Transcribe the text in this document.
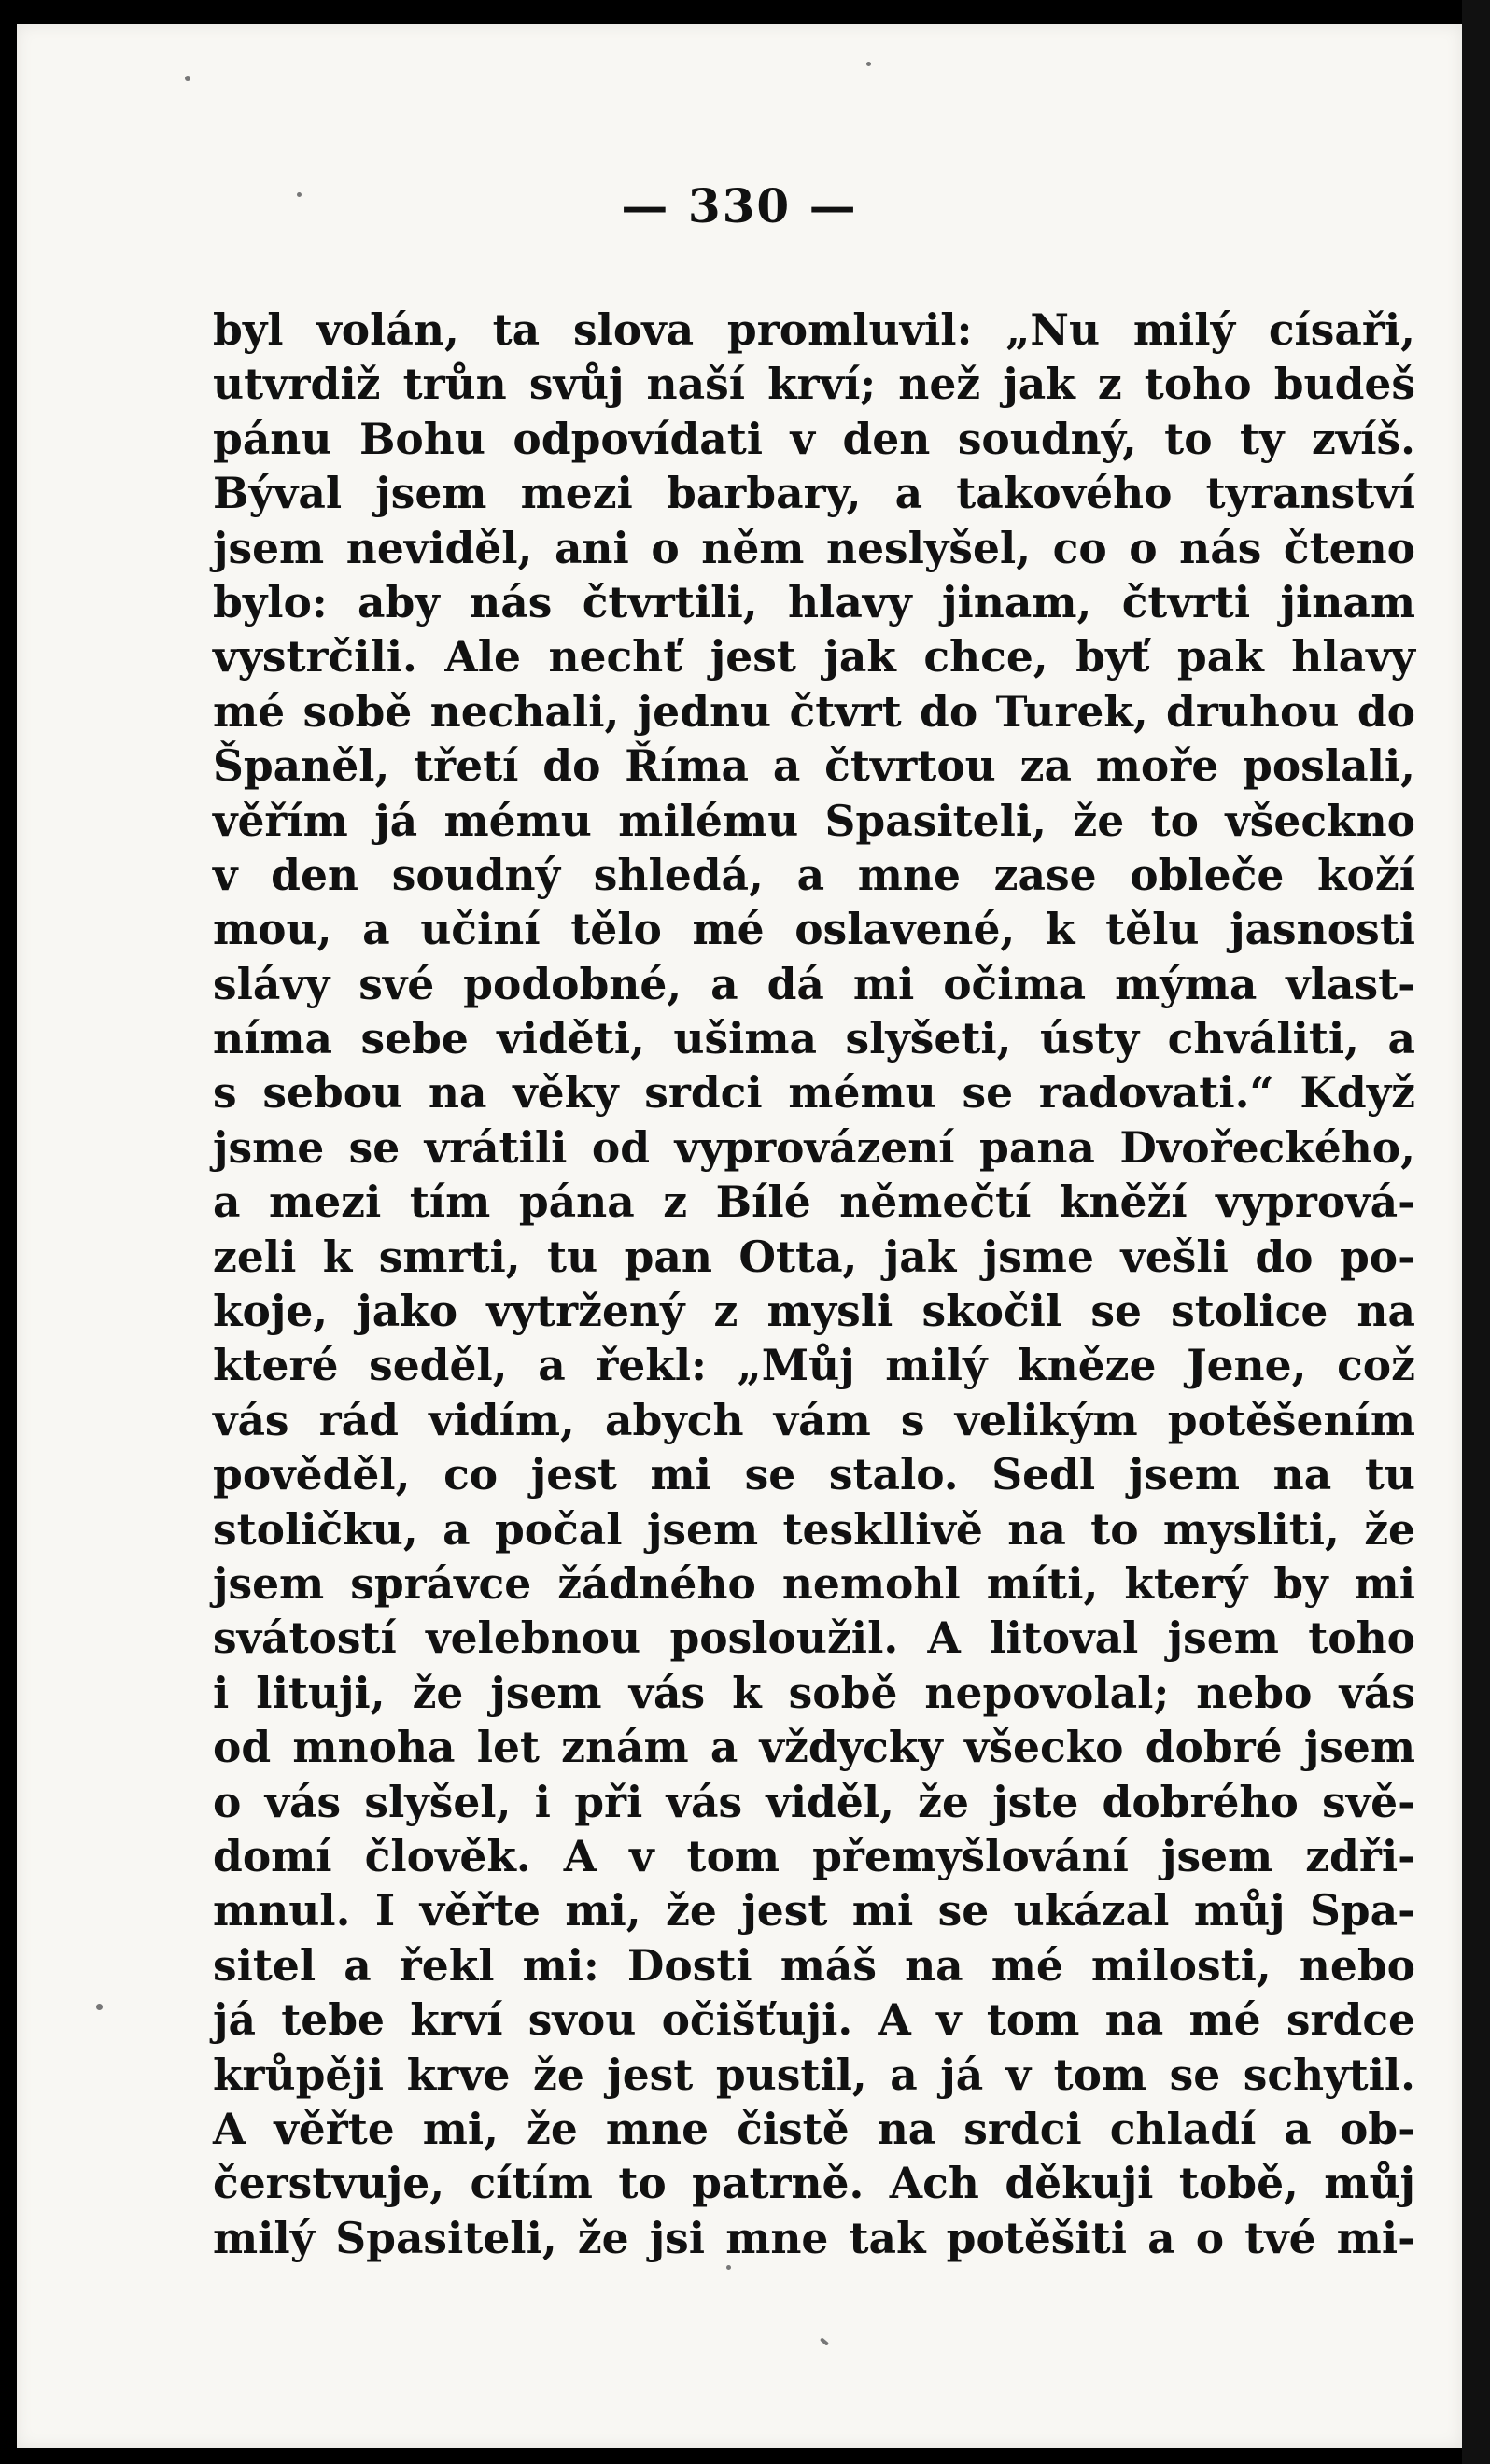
— 330 —
byl volán, ta slova promluvil: „Nu milý císaři,
utvrdiž trůn svůj naší krví; než jak z toho budeš
pánu Bohu odpovídati v den soudný, to ty zvíš.
Býval jsem mezi barbary, a takového tyranství
jsem neviděl, ani o něm neslyšel, co o nás čteno
bylo: aby nás čtvrtili, hlavy jinam, čtvrti jinam
vystrčili. Ale nechť jest jak chce, byť pak hlavy
mé sobě nechali, jednu čtvrt do Turek, druhou do
Španěl, třetí do Říma a čtvrtou za moře poslali,
věřím já mému milému Spasiteli, že to všeckno
v den soudný shledá, a mne zase obleče koží
mou, a učiní tělo mé oslavené, k tělu jasnosti
slávy své podobné, a dá mi očima mýma vlast-
níma sebe viděti, ušima slyšeti, ústy chváliti, a
s sebou na věky srdci mému se radovati.“ Když
jsme se vrátili od vyprovázení pana Dvořeckého,
a mezi tím pána z Bílé němečtí kněží vyprová-
zeli k smrti, tu pan Otta, jak jsme vešli do po-
koje, jako vytržený z mysli skočil se stolice na
které seděl, a řekl: „Můj milý kněze Jene, což
vás rád vidím, abych vám s velikým potěšením
pověděl, co jest mi se stalo. Sedl jsem na tu
stoličku, a počal jsem teskllivě na to mysliti, že
jsem správce žádného nemohl míti, který by mi
svátostí velebnou posloužil. A litoval jsem toho
i lituji, že jsem vás k sobě nepovolal; nebo vás
od mnoha let znám a vždycky všecko dobré jsem
o vás slyšel, i při vás viděl, že jste dobrého svě-
domí člověk. A v tom přemyšlování jsem zdři-
mnul. I věřte mi, že jest mi se ukázal můj Spa-
sitel a řekl mi: Dosti máš na mé milosti, nebo
já tebe krví svou očišťuji. A v tom na mé srdce
krůpěji krve že jest pustil, a já v tom se schytil.
A věřte mi, že mne čistě na srdci chladí a ob-
čerstvuje, cítím to patrně. Ach děkuji tobě, můj
milý Spasiteli, že jsi mne tak potěšiti a o tvé mi-
